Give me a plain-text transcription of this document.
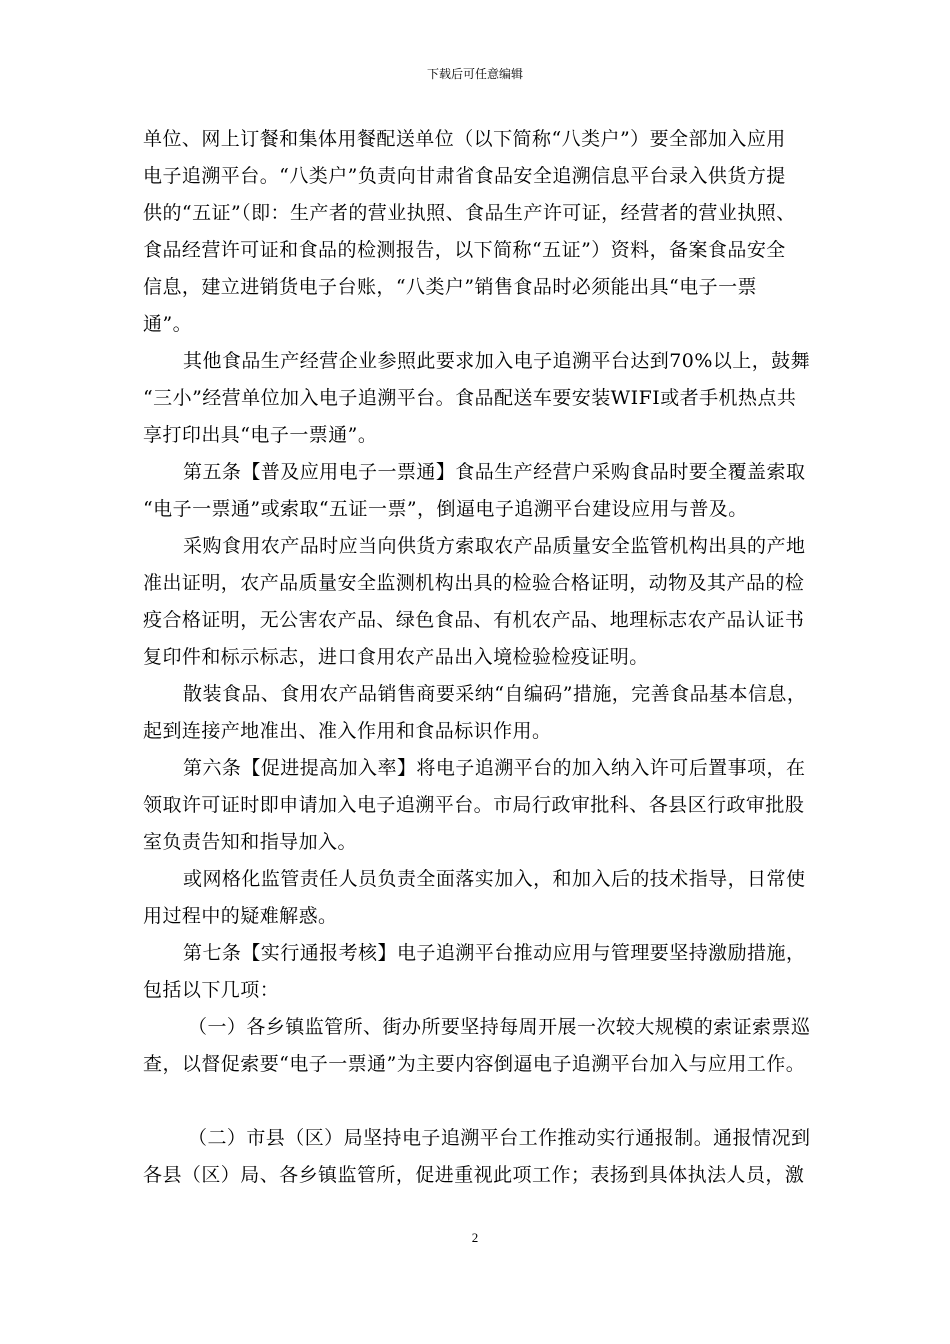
下载后可任意编辑
单位、网上订餐和集体用餐配送单位（以下简称“八类户”）要全部加入应用
电子追溯平台。“八类户”负责向甘肃省食品安全追溯信息平台录入供货方提
供的“五证”（即：生产者的营业执照、食品生产许可证，经营者的营业执照、
食品经营许可证和食品的检测报告，以下简称“五证”）资料，备案食品安全
信息，建立进销货电子台账，“八类户”销售食品时必须能出具“电子一票
通”。
其他食品生产经营企业参照此要求加入电子追溯平台达到70%以上，鼓舞
“三小”经营单位加入电子追溯平台。食品配送车要安装WIFI或者手机热点共
享打印出具“电子一票通”。
第五条【普及应用电子一票通】食品生产经营户采购食品时要全覆盖索取
“电子一票通”或索取“五证一票”，倒逼电子追溯平台建设应用与普及。
采购食用农产品时应当向供货方索取农产品质量安全监管机构出具的产地
准出证明，农产品质量安全监测机构出具的检验合格证明，动物及其产品的检
疫合格证明，无公害农产品、绿色食品、有机农产品、地理标志农产品认证书
复印件和标示标志，进口食用农产品出入境检验检疫证明。
散装食品、食用农产品销售商要采纳“自编码”措施，完善食品基本信息，
起到连接产地准出、准入作用和食品标识作用。
第六条【促进提高加入率】将电子追溯平台的加入纳入许可后置事项，在
领取许可证时即申请加入电子追溯平台。市局行政审批科、各县区行政审批股
室负责告知和指导加入。
或网格化监管责任人员负责全面落实加入，和加入后的技术指导，日常使
用过程中的疑难解惑。
第七条【实行通报考核】电子追溯平台推动应用与管理要坚持激励措施，
包括以下几项：
（一）各乡镇监管所、街办所要坚持每周开展一次较大规模的索证索票巡
查，以督促索要“电子一票通”为主要内容倒逼电子追溯平台加入与应用工作。
（二）市县（区）局坚持电子追溯平台工作推动实行通报制。通报情况到
各县（区）局、各乡镇监管所，促进重视此项工作；表扬到具体执法人员，激
2
